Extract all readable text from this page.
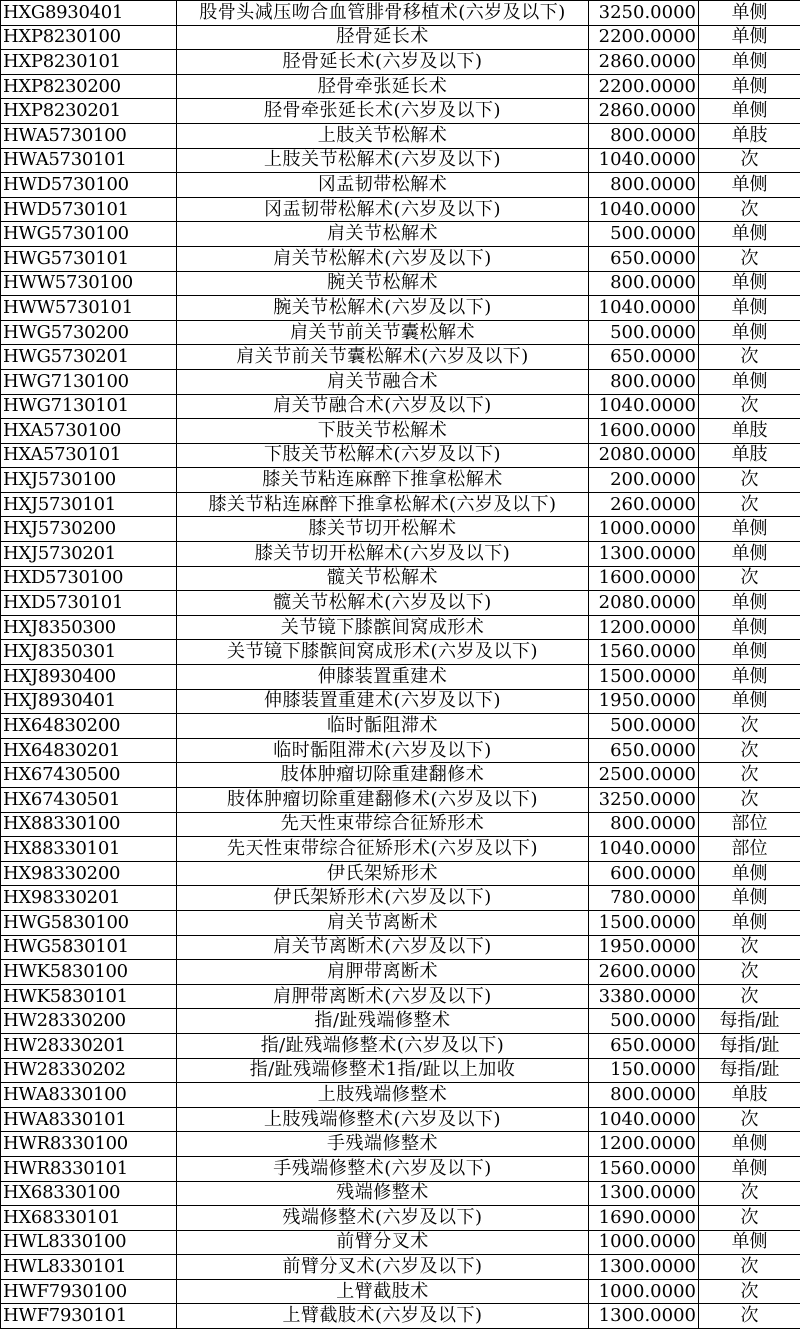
HXG8930401	股骨头减压吻合血管腓骨移植术(六岁及以下)	3250.0000	单侧
HXP8230100	胫骨延长术	2200.0000	单侧
HXP8230101	胫骨延长术(六岁及以下)	2860.0000	单侧
HXP8230200	胫骨牵张延长术	2200.0000	单侧
HXP8230201	胫骨牵张延长术(六岁及以下)	2860.0000	单侧
HWA5730100	上肢关节松解术	800.0000	单肢
HWA5730101	上肢关节松解术(六岁及以下)	1040.0000	次
HWD5730100	冈盂韧带松解术	800.0000	单侧
HWD5730101	冈盂韧带松解术(六岁及以下)	1040.0000	次
HWG5730100	肩关节松解术	500.0000	单侧
HWG5730101	肩关节松解术(六岁及以下)	650.0000	次
HWW5730100	腕关节松解术	800.0000	单侧
HWW5730101	腕关节松解术(六岁及以下)	1040.0000	单侧
HWG5730200	肩关节前关节囊松解术	500.0000	单侧
HWG5730201	肩关节前关节囊松解术(六岁及以下)	650.0000	次
HWG7130100	肩关节融合术	800.0000	单侧
HWG7130101	肩关节融合术(六岁及以下)	1040.0000	次
HXA5730100	下肢关节松解术	1600.0000	单肢
HXA5730101	下肢关节松解术(六岁及以下)	2080.0000	单肢
HXJ5730100	膝关节粘连麻醉下推拿松解术	200.0000	次
HXJ5730101	膝关节粘连麻醉下推拿松解术(六岁及以下)	260.0000	次
HXJ5730200	膝关节切开松解术	1000.0000	单侧
HXJ5730201	膝关节切开松解术(六岁及以下)	1300.0000	单侧
HXD5730100	髋关节松解术	1600.0000	次
HXD5730101	髋关节松解术(六岁及以下)	2080.0000	单侧
HXJ8350300	关节镜下膝髌间窝成形术	1200.0000	单侧
HXJ8350301	关节镜下膝髌间窝成形术(六岁及以下)	1560.0000	单侧
HXJ8930400	伸膝装置重建术	1500.0000	单侧
HXJ8930401	伸膝装置重建术(六岁及以下)	1950.0000	单侧
HX64830200	临时骺阻滞术	500.0000	次
HX64830201	临时骺阻滞术(六岁及以下)	650.0000	次
HX67430500	肢体肿瘤切除重建翻修术	2500.0000	次
HX67430501	肢体肿瘤切除重建翻修术(六岁及以下)	3250.0000	次
HX88330100	先天性束带综合征矫形术	800.0000	部位
HX88330101	先天性束带综合征矫形术(六岁及以下)	1040.0000	部位
HX98330200	伊氏架矫形术	600.0000	单侧
HX98330201	伊氏架矫形术(六岁及以下)	780.0000	单侧
HWG5830100	肩关节离断术	1500.0000	单侧
HWG5830101	肩关节离断术(六岁及以下)	1950.0000	次
HWK5830100	肩胛带离断术	2600.0000	次
HWK5830101	肩胛带离断术(六岁及以下)	3380.0000	次
HW28330200	指/趾残端修整术	500.0000	每指/趾
HW28330201	指/趾残端修整术(六岁及以下)	650.0000	每指/趾
HW28330202	指/趾残端修整术1指/趾以上加收	150.0000	每指/趾
HWA8330100	上肢残端修整术	800.0000	单肢
HWA8330101	上肢残端修整术(六岁及以下)	1040.0000	次
HWR8330100	手残端修整术	1200.0000	单侧
HWR8330101	手残端修整术(六岁及以下)	1560.0000	单侧
HX68330100	残端修整术	1300.0000	次
HX68330101	残端修整术(六岁及以下)	1690.0000	次
HWL8330100	前臂分叉术	1000.0000	单侧
HWL8330101	前臂分叉术(六岁及以下)	1300.0000	次
HWF7930100	上臂截肢术	1000.0000	次
HWF7930101	上臂截肢术(六岁及以下)	1300.0000	次
